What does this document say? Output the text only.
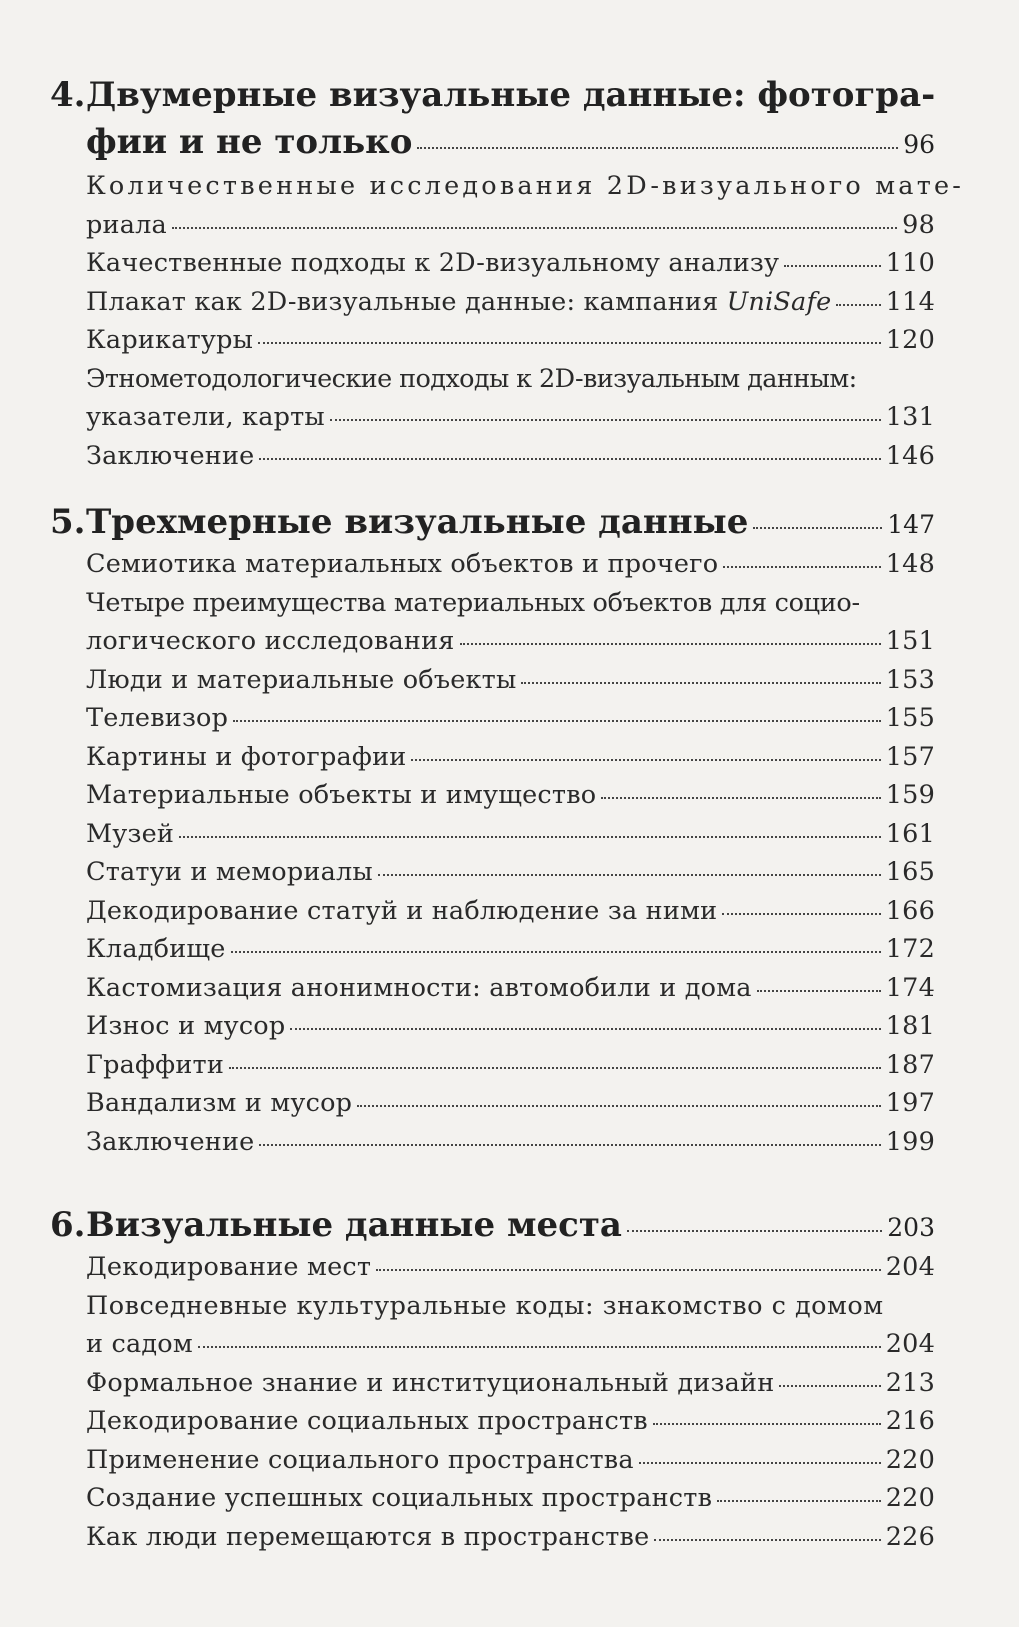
4. Двумерные визуальные данные: фотогра-
фии и не только	96
Количественные исследования 2D-визуального мате-
риала	98
Качественные подходы к 2D-визуальному анализу	110
Плакат как 2D-визуальные данные: кампания UniSafe 114
Карикатуры	120
Этнометодологические подходы к 2D-визуальным данным:
указатели, карты	131
Заключение	146
5. Трехмерные визуальные данные	147
Семиотика материальных объектов и прочего	148
Четыре преимущества материальных объектов для социо-
логического исследования	151
Люди и материальные объекты	153
Телевизор	155
Картины и фотографии	157
Материальные объекты и имущество	159
Музей	161
Статуи и мемориалы	165
Декодирование статуй и наблюдение за ними	166
Кладбище	172
Кастомизация анонимности: автомобили и дома	174
Износ и мусор	181
Граффити	187
Вандализм и мусор	197
Заключение	199
6. Визуальные данные места	203
Декодирование мест	204
Повседневные культуральные коды: знакомство с домом
и садом	204
Формальное знание и институциональный дизайн	213
Декодирование социальных пространств	216
Применение социального пространства	220
Создание успешных социальных пространств	220
Как люди перемещаются в пространстве	226
